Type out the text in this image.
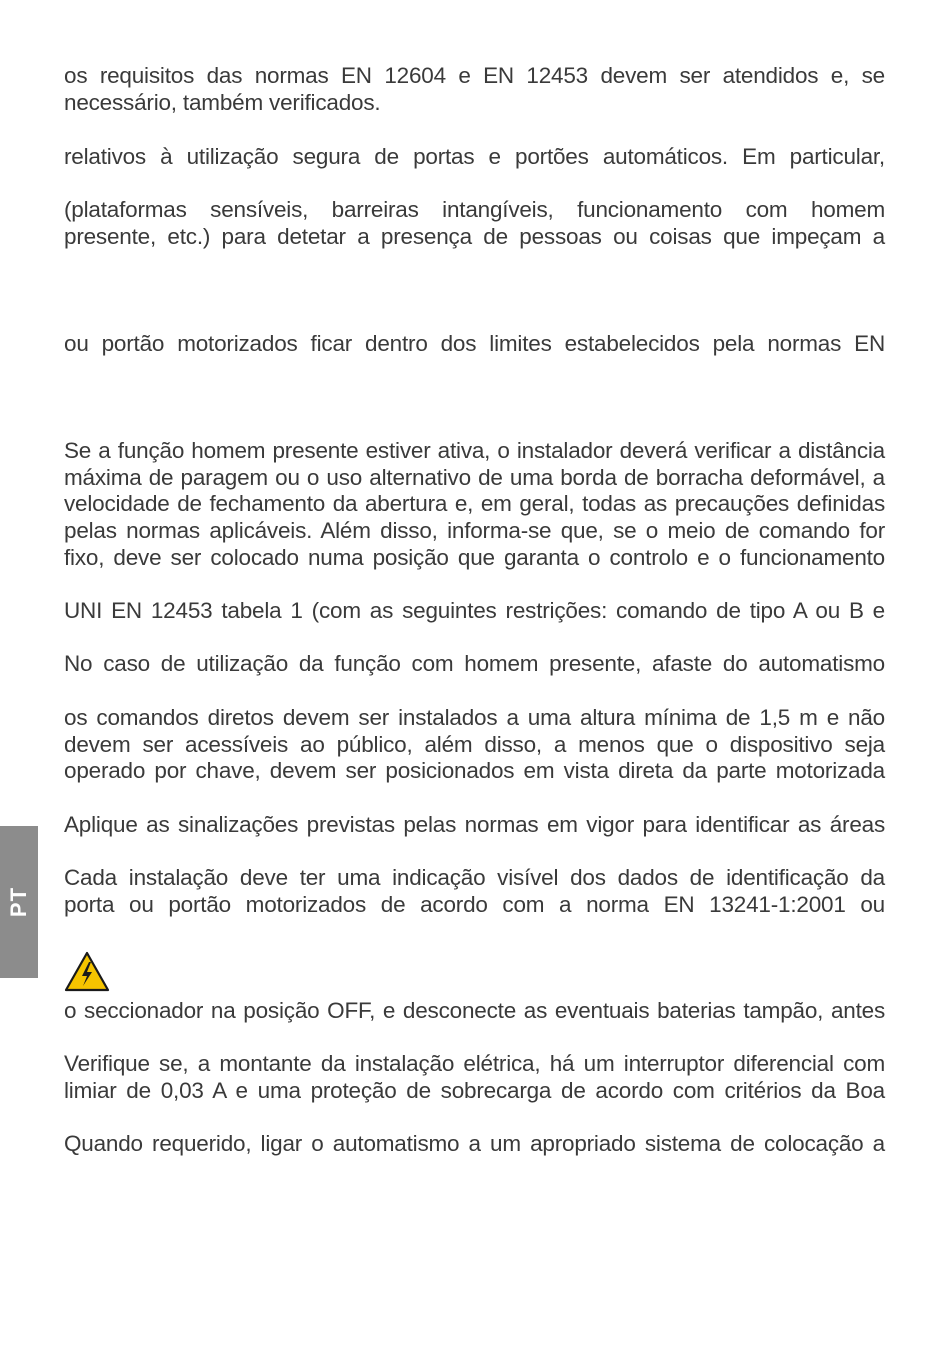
os requisitos das normas EN 12604 e EN 12453 devem ser atendidos e, se
necessário, também verificados.
relativos à utilização segura de portas e portões automáticos. Em particular,
(plataformas sensíveis, barreiras intangíveis, funcionamento com homem
presente, etc.) para detetar a presença de pessoas ou coisas que impeçam a
ou portão motorizados ficar dentro dos limites estabelecidos pela normas EN
Se a função homem presente estiver ativa, o instalador deverá verificar a distância
máxima de paragem ou o uso alternativo de uma borda de borracha deformável, a
velocidade de fechamento da abertura e, em geral, todas as precauções definidas
pelas normas aplicáveis. Além disso, informa-se que, se o meio de comando for
fixo, deve ser colocado numa posição que garanta o controlo e o funcionamento
UNI EN 12453 tabela 1 (com as seguintes restrições: comando de tipo A ou B e
No caso de utilização da função com homem presente, afaste do automatismo
os comandos diretos devem ser instalados a uma altura mínima de 1,5 m e não
devem ser acessíveis ao público, além disso, a menos que o dispositivo seja
operado por chave, devem ser posicionados em vista direta da parte motorizada
Aplique as sinalizações previstas pelas normas em vigor para identificar as áreas
Cada instalação deve ter uma indicação visível dos dados de identificação da
porta ou portão motorizados de acordo com a norma EN 13241-1:2001 ou
o seccionador na posição OFF, e desconecte as eventuais baterias tampão, antes
Verifique se, a montante da instalação elétrica, há um interruptor diferencial com
limiar de 0,03 A e uma proteção de sobrecarga de acordo com critérios da Boa
Quando requerido, ligar o automatismo a um apropriado sistema de colocação a
PT
